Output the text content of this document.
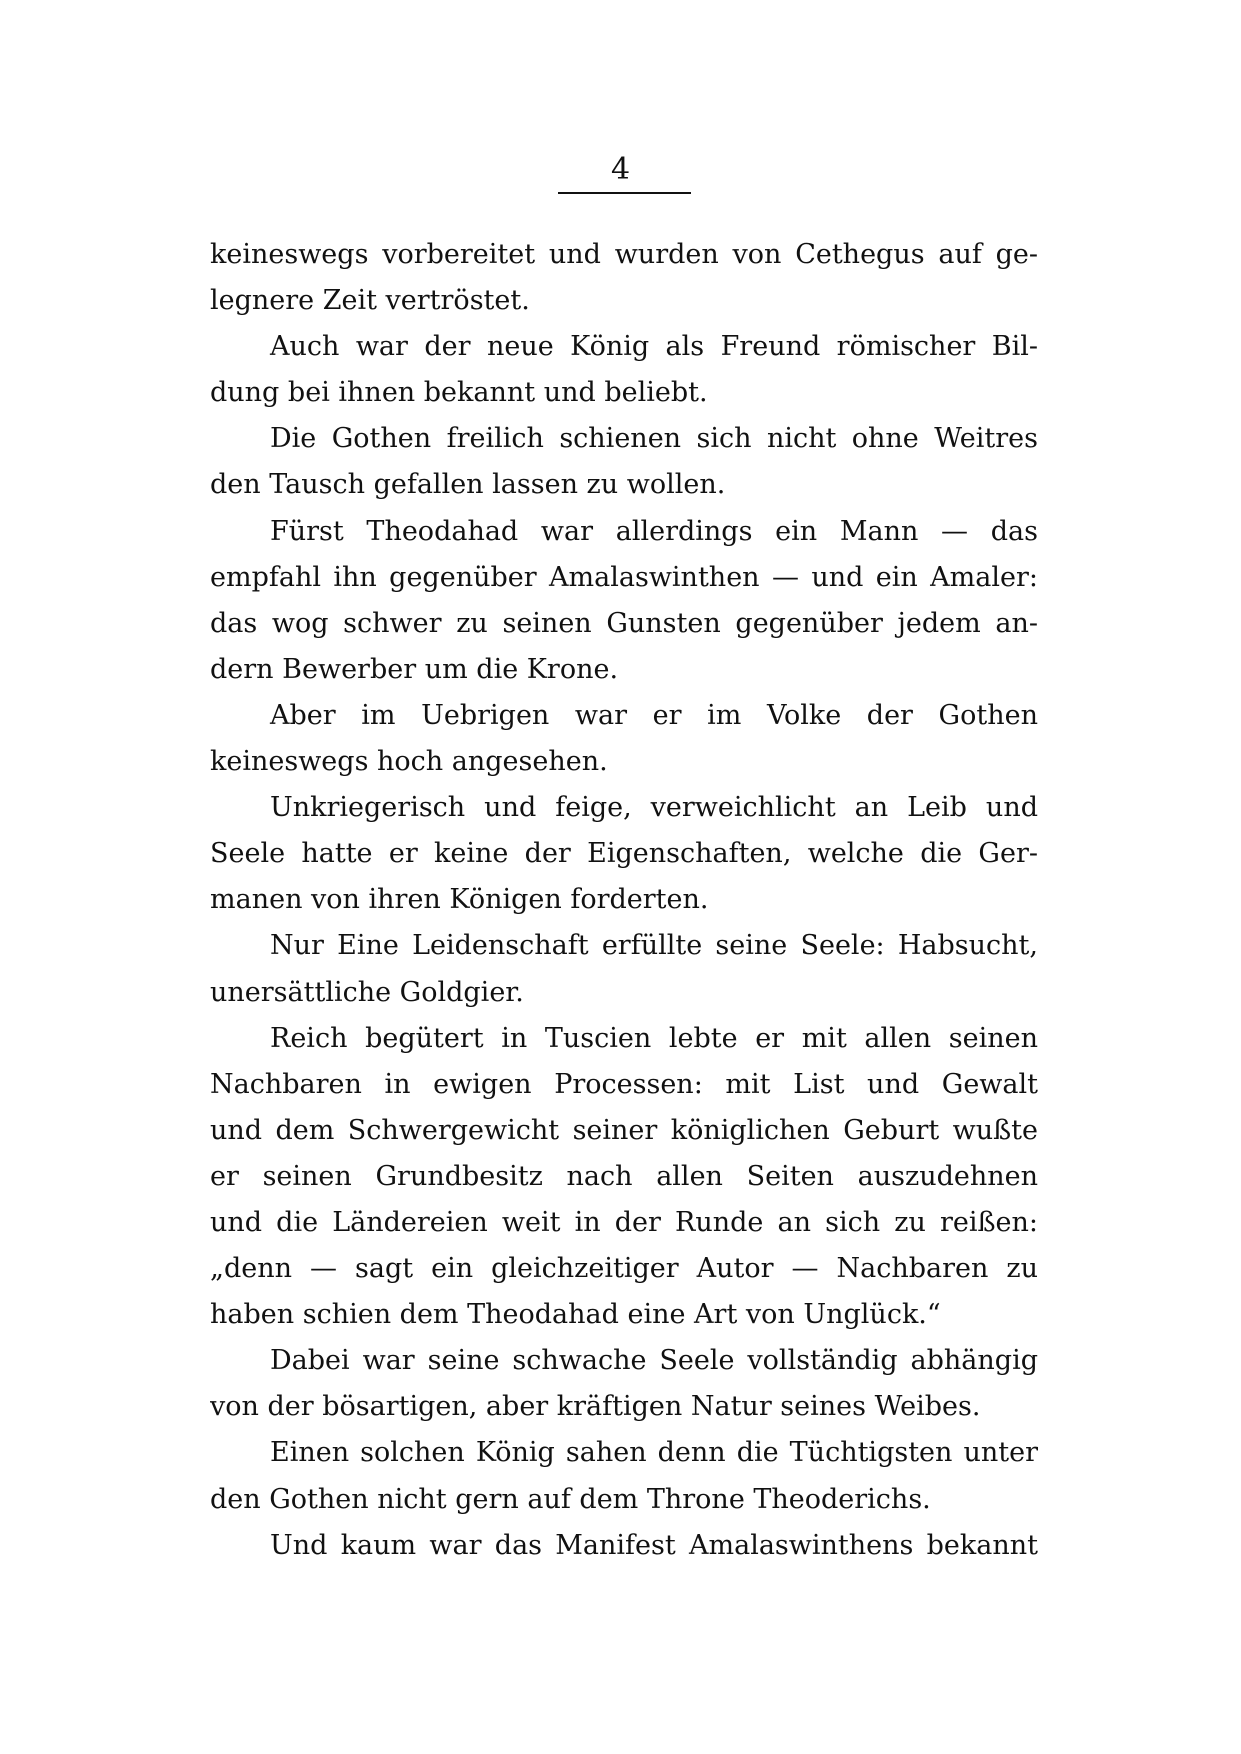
4
keineswegs vorbereitet und wurden von Cethegus auf ge-
legnere Zeit vertröstet.
Auch war der neue König als Freund römischer Bil-
dung bei ihnen bekannt und beliebt.
Die Gothen freilich schienen sich nicht ohne Weitres
den Tausch gefallen lassen zu wollen.
Fürst Theodahad war allerdings ein Mann — das
empfahl ihn gegenüber Amalaswinthen — und ein Amaler:
das wog schwer zu seinen Gunsten gegenüber jedem an-
dern Bewerber um die Krone.
Aber im Uebrigen war er im Volke der Gothen
keineswegs hoch angesehen.
Unkriegerisch und feige, verweichlicht an Leib und
Seele hatte er keine der Eigenschaften, welche die Ger-
manen von ihren Königen forderten.
Nur Eine Leidenschaft erfüllte seine Seele: Habsucht,
unersättliche Goldgier.
Reich begütert in Tuscien lebte er mit allen seinen
Nachbaren in ewigen Processen: mit List und Gewalt
und dem Schwergewicht seiner königlichen Geburt wußte
er seinen Grundbesitz nach allen Seiten auszudehnen
und die Ländereien weit in der Runde an sich zu reißen:
„denn — sagt ein gleichzeitiger Autor — Nachbaren zu
haben schien dem Theodahad eine Art von Unglück.“
Dabei war seine schwache Seele vollständig abhängig
von der bösartigen, aber kräftigen Natur seines Weibes.
Einen solchen König sahen denn die Tüchtigsten unter
den Gothen nicht gern auf dem Throne Theoderichs.
Und kaum war das Manifest Amalaswinthens bekannt
